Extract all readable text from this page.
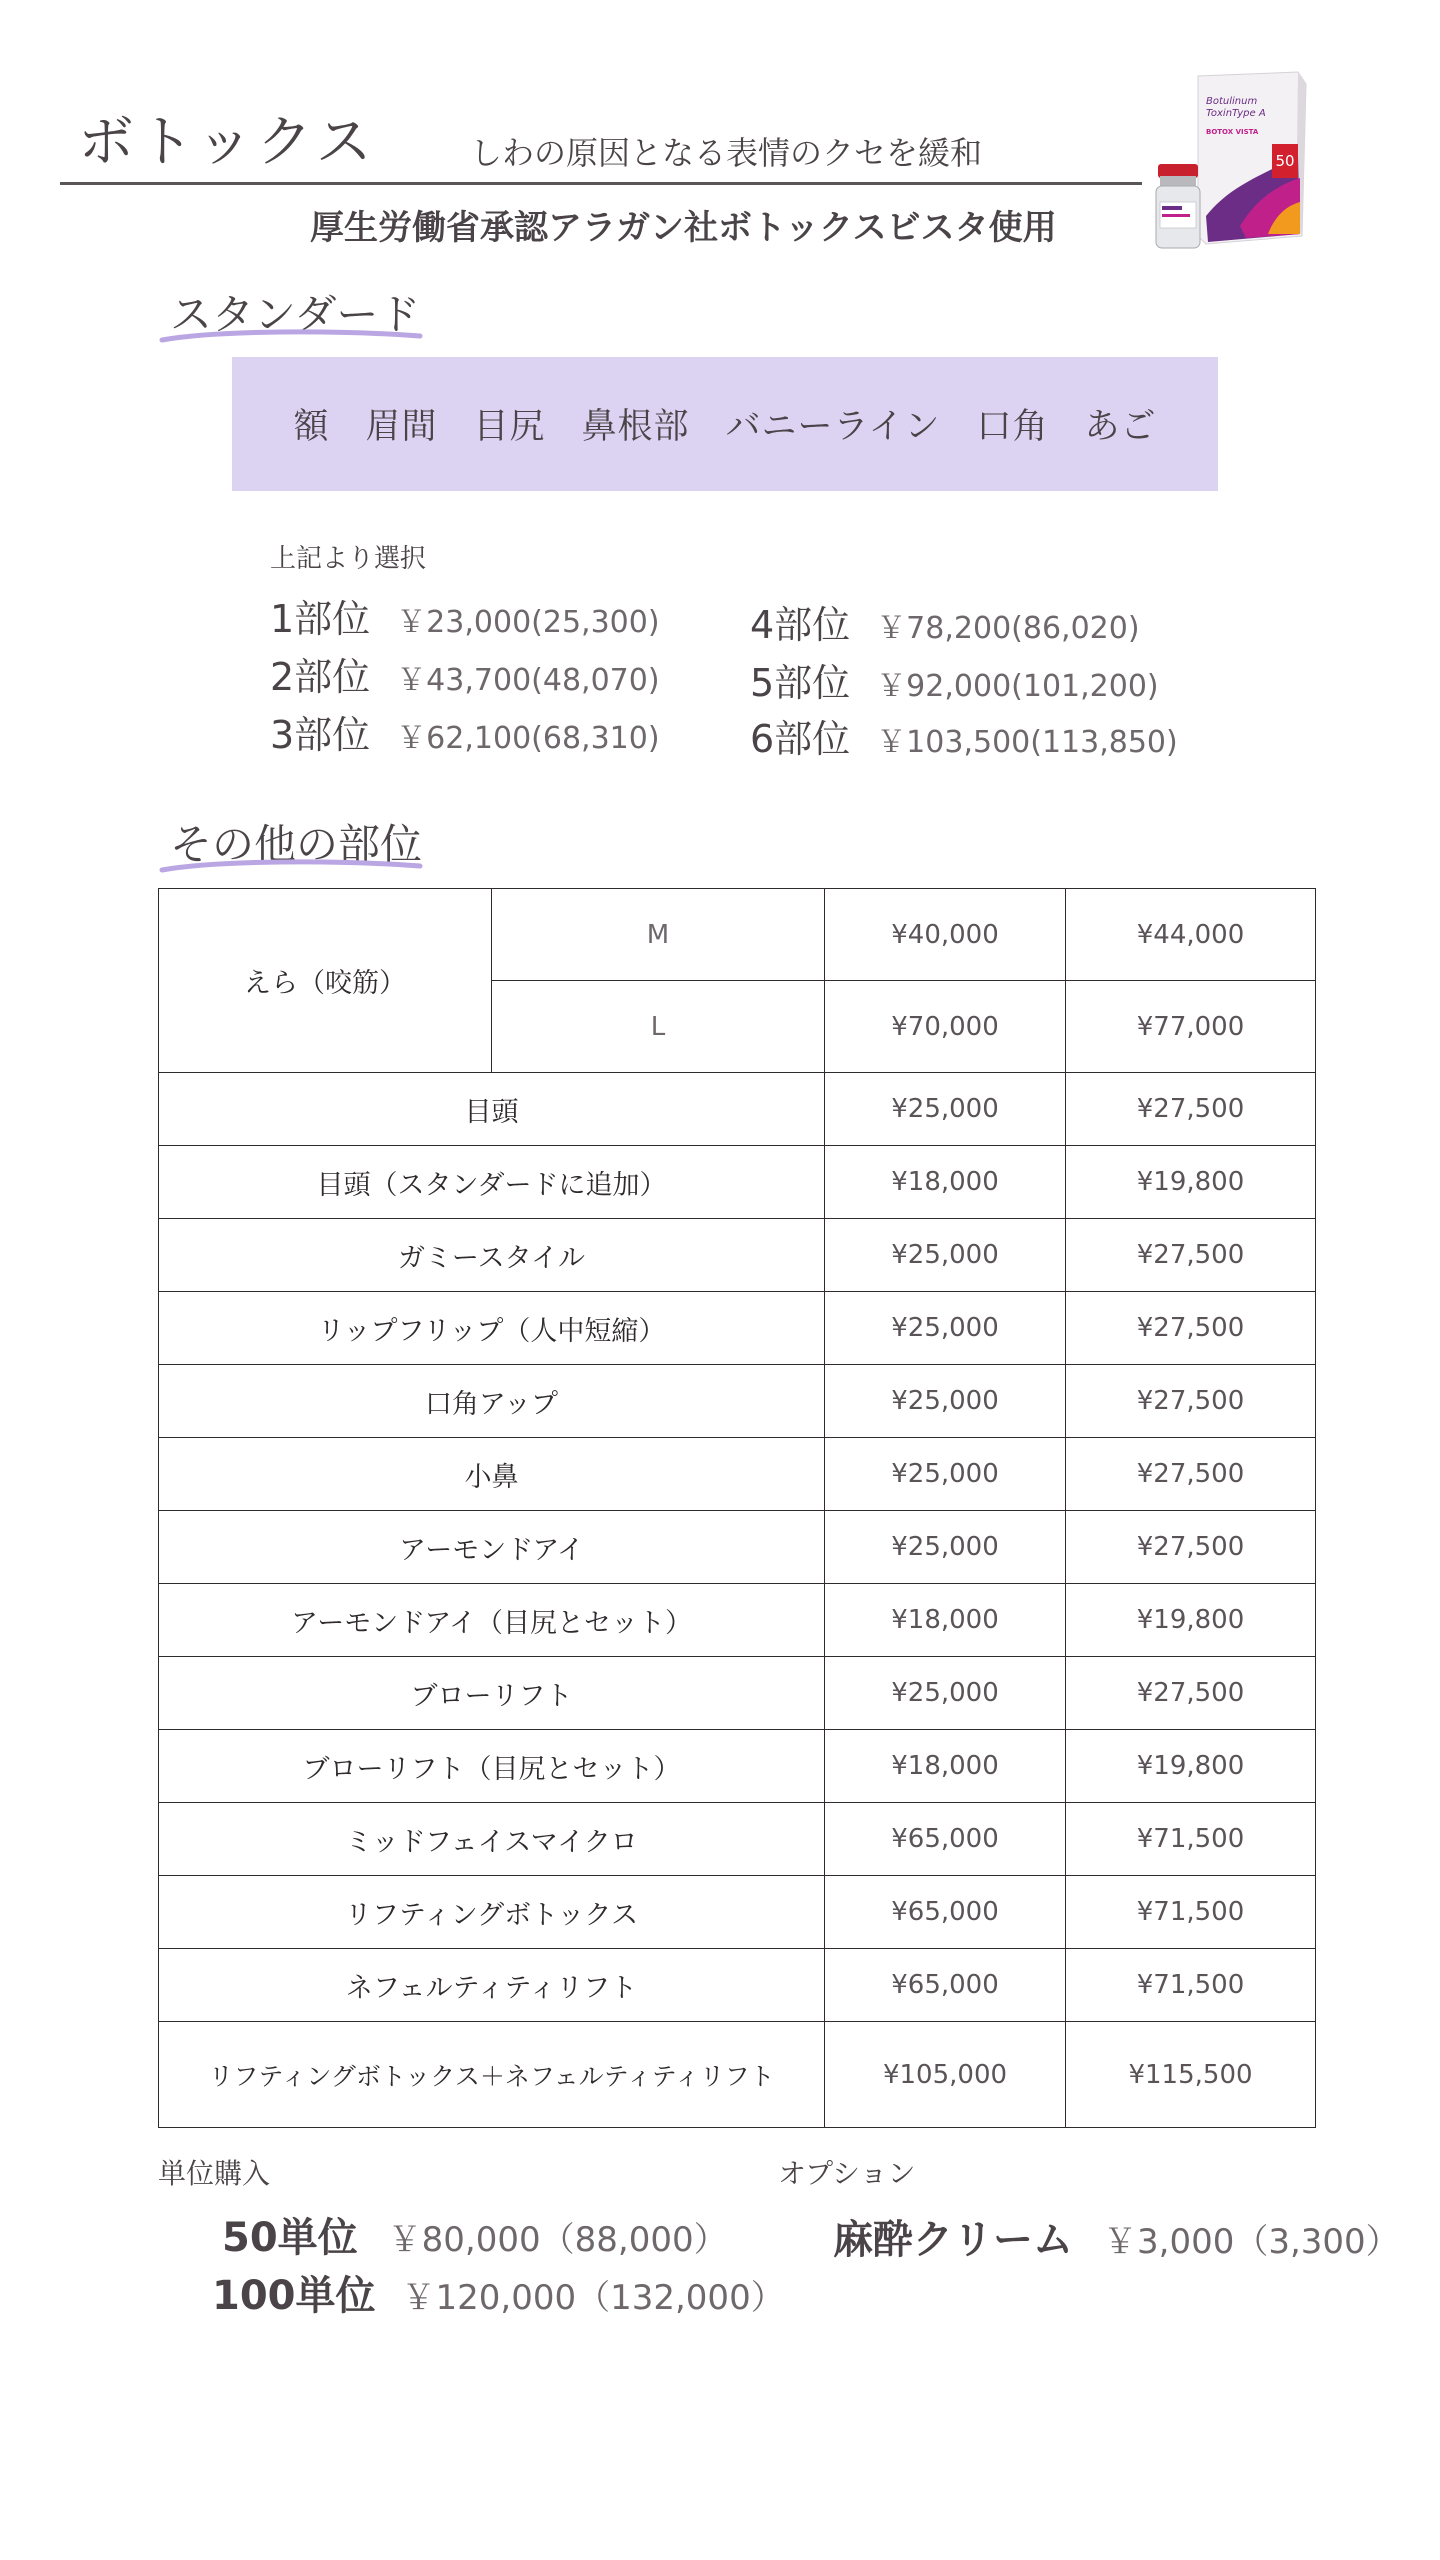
ボトックス	しわの原因となる表情のクセを緩和
厚生労働省承認アラガン社ボトックスビスタ使用
50
Botulinum
ToxinType A
BOTOX VISTA
スタンダード
額　眉間　目尻　鼻根部　バニーライン　口角　あご
上記より選択
1部位 ￥23,000(25,300)
2部位 ￥43,700(48,070)
3部位 ￥62,100(68,310)
4部位 ￥78,200(86,020)
5部位 ￥92,000(101,200)
6部位 ￥103,500(113,850)
その他の部位
えら（咬筋）	M	¥40,000	¥44,000
	L	¥70,000	¥77,000
目頭		¥25,000	¥27,500
目頭（スタンダードに追加）		¥18,000	¥19,800
ガミースタイル		¥25,000	¥27,500
リップフリップ（人中短縮）		¥25,000	¥27,500
口角アップ		¥25,000	¥27,500
小鼻		¥25,000	¥27,500
アーモンドアイ		¥25,000	¥27,500
アーモンドアイ（目尻とセット）		¥18,000	¥19,800
ブローリフト		¥25,000	¥27,500
ブローリフト（目尻とセット）		¥18,000	¥19,800
ミッドフェイスマイクロ		¥65,000	¥71,500
リフティングボトックス		¥65,000	¥71,500
ネフェルティティリフト		¥65,000	¥71,500
リフティングボトックス＋ネフェルティティリフト		¥105,000	¥115,500
単位購入
50単位 ￥80,000（88,000）
100単位 ￥120,000（132,000）
オプション
麻酔クリーム ￥3,000（3,300）
